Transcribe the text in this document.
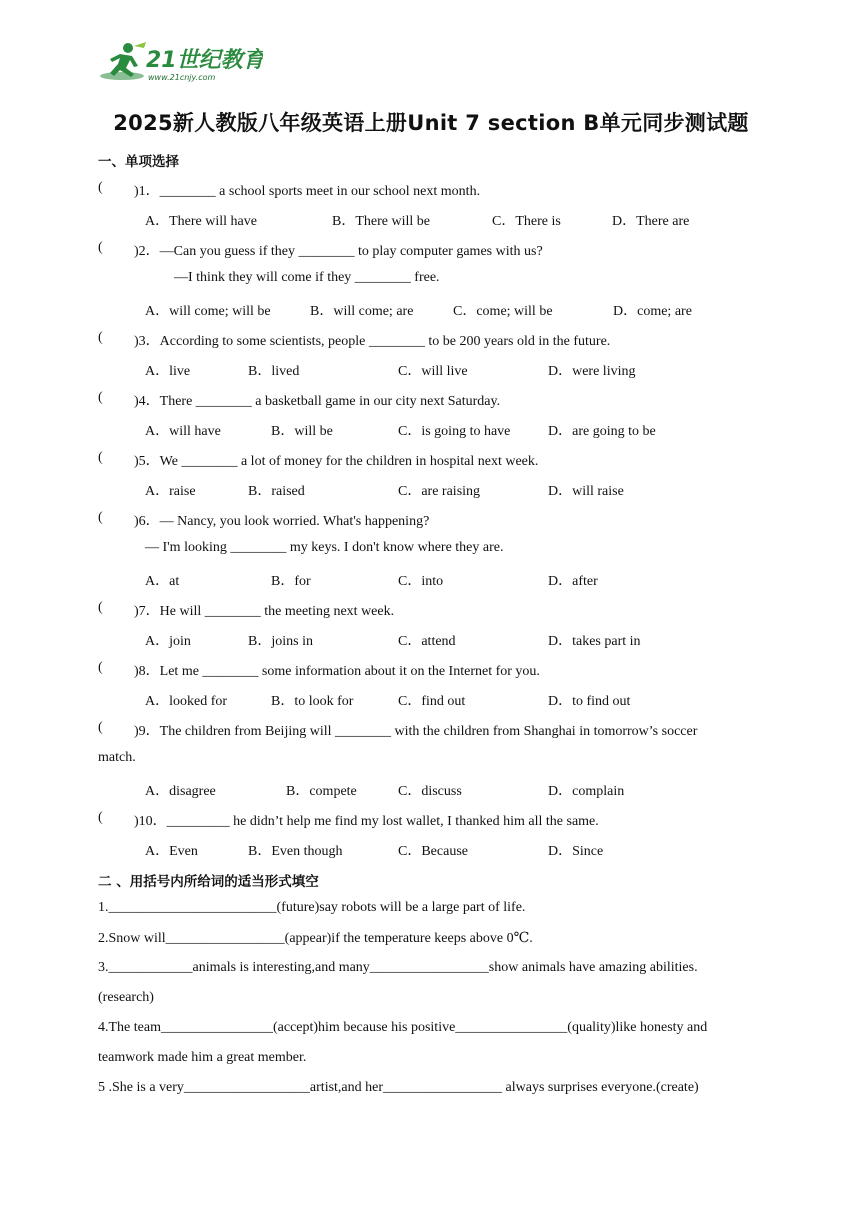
21世纪教育
www.21cnjy.com
2025新人教版八年级英语上册Unit 7 section B单元同步测试题
一、单项选择
( )1．________ a school sports meet in our school next month.
A．There will have	B．There will be	C．There is	D．There are
( )2．—Can you guess if they ________ to play computer games with us?
—I think they will come if they ________ free.
A．will come; will be	B．will come; are	C．come; will be	D．come; are
( )3．According to some scientists, people ________ to be 200 years old in the future.
A．live	B．lived	C．will live	D．were living
( )4．There ________ a basketball game in our city next Saturday.
A．will have	B．will be	C．is going to have	D．are going to be
( )5．We ________ a lot of money for the children in hospital next week.
A．raise	B．raised	C．are raising	D．will raise
( )6．— Nancy, you look worried. What's happening?
— I'm looking ________ my keys. I don't know where they are.
A．at	B．for	C．into	D．after
( )7．He will ________ the meeting next week.
A．join	B．joins in	C．attend	D．takes part in
( )8．Let me ________ some information about it on the Internet for you.
A．looked for	B．to look for	C．find out	D．to find out
( )9．The children from Beijing will ________ with the children from Shanghai in tomorrow’s soccer
match.
A．disagree	B．compete	C．discuss	D．complain
( )10．_________ he didn’t help me find my lost wallet, I thanked him all the same.
A．Even	B．Even though	C．Because	D．Since
二 、用括号内所给词的适当形式填空
1.________________________(future)say robots will be a large part of life.
2.Snow will_________________(appear)if the temperature keeps above 0℃.
3.____________animals is interesting,and many_________________show animals have amazing abilities.
(research)
4.The team________________(accept)him because his positive________________(quality)like honesty and
teamwork made him a great member.
5 .She is a very__________________artist,and her_________________ always surprises everyone.(create)
